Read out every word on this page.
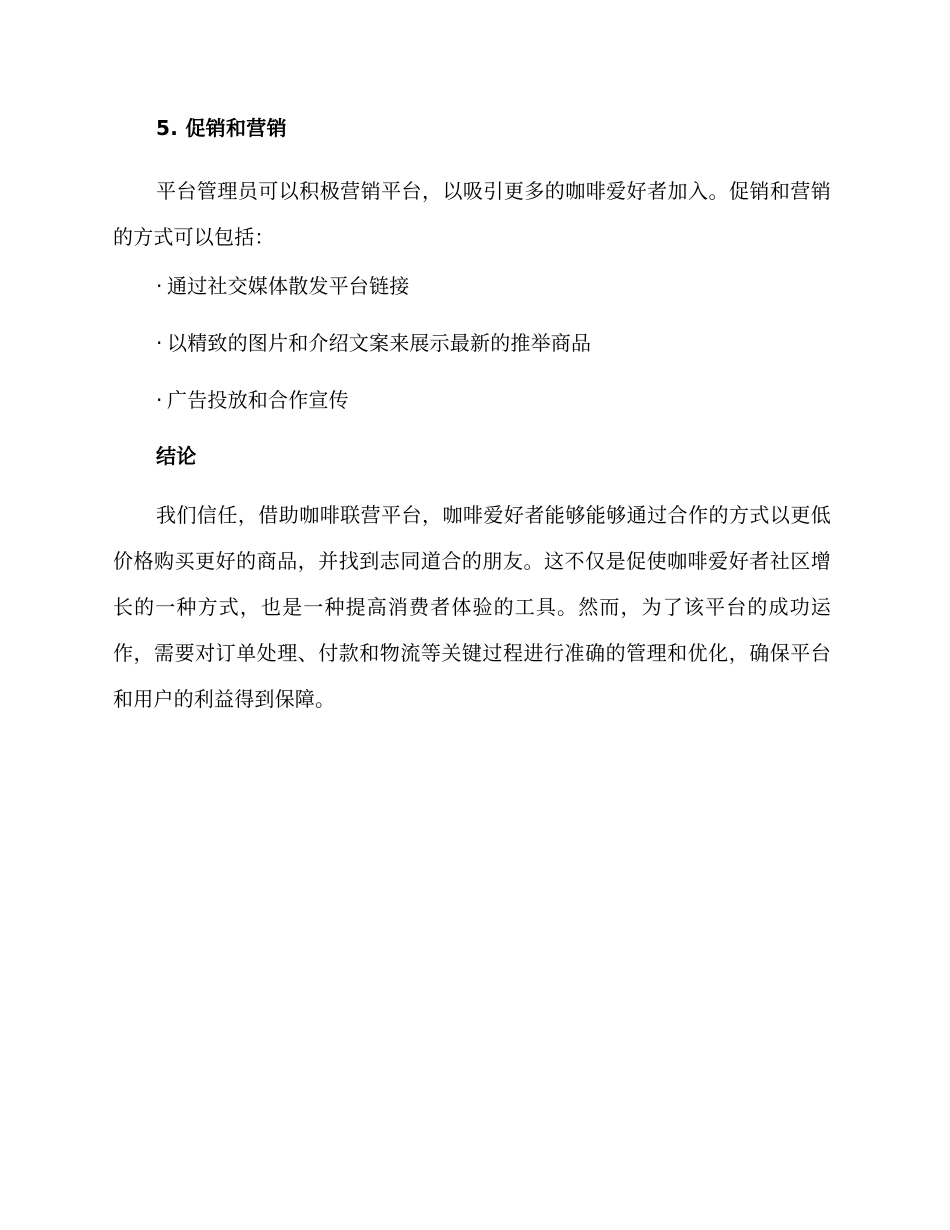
5. 促销和营销

平台管理员可以积极营销平台，以吸引更多的咖啡爱好者加入。促销和营销的方式可以包括：

· 通过社交媒体散发平台链接
· 以精致的图片和介绍文案来展示最新的推举商品
· 广告投放和合作宣传
结论

我们信任，借助咖啡联营平台，咖啡爱好者能够能够通过合作的方式以更低价格购买更好的商品，并找到志同道合的朋友。这不仅是促使咖啡爱好者社区增长的一种方式，也是一种提高消费者体验的工具。然而，为了该平台的成功运作，需要对订单处理、付款和物流等关键过程进行准确的管理和优化，确保平台和用户的利益得到保障。
